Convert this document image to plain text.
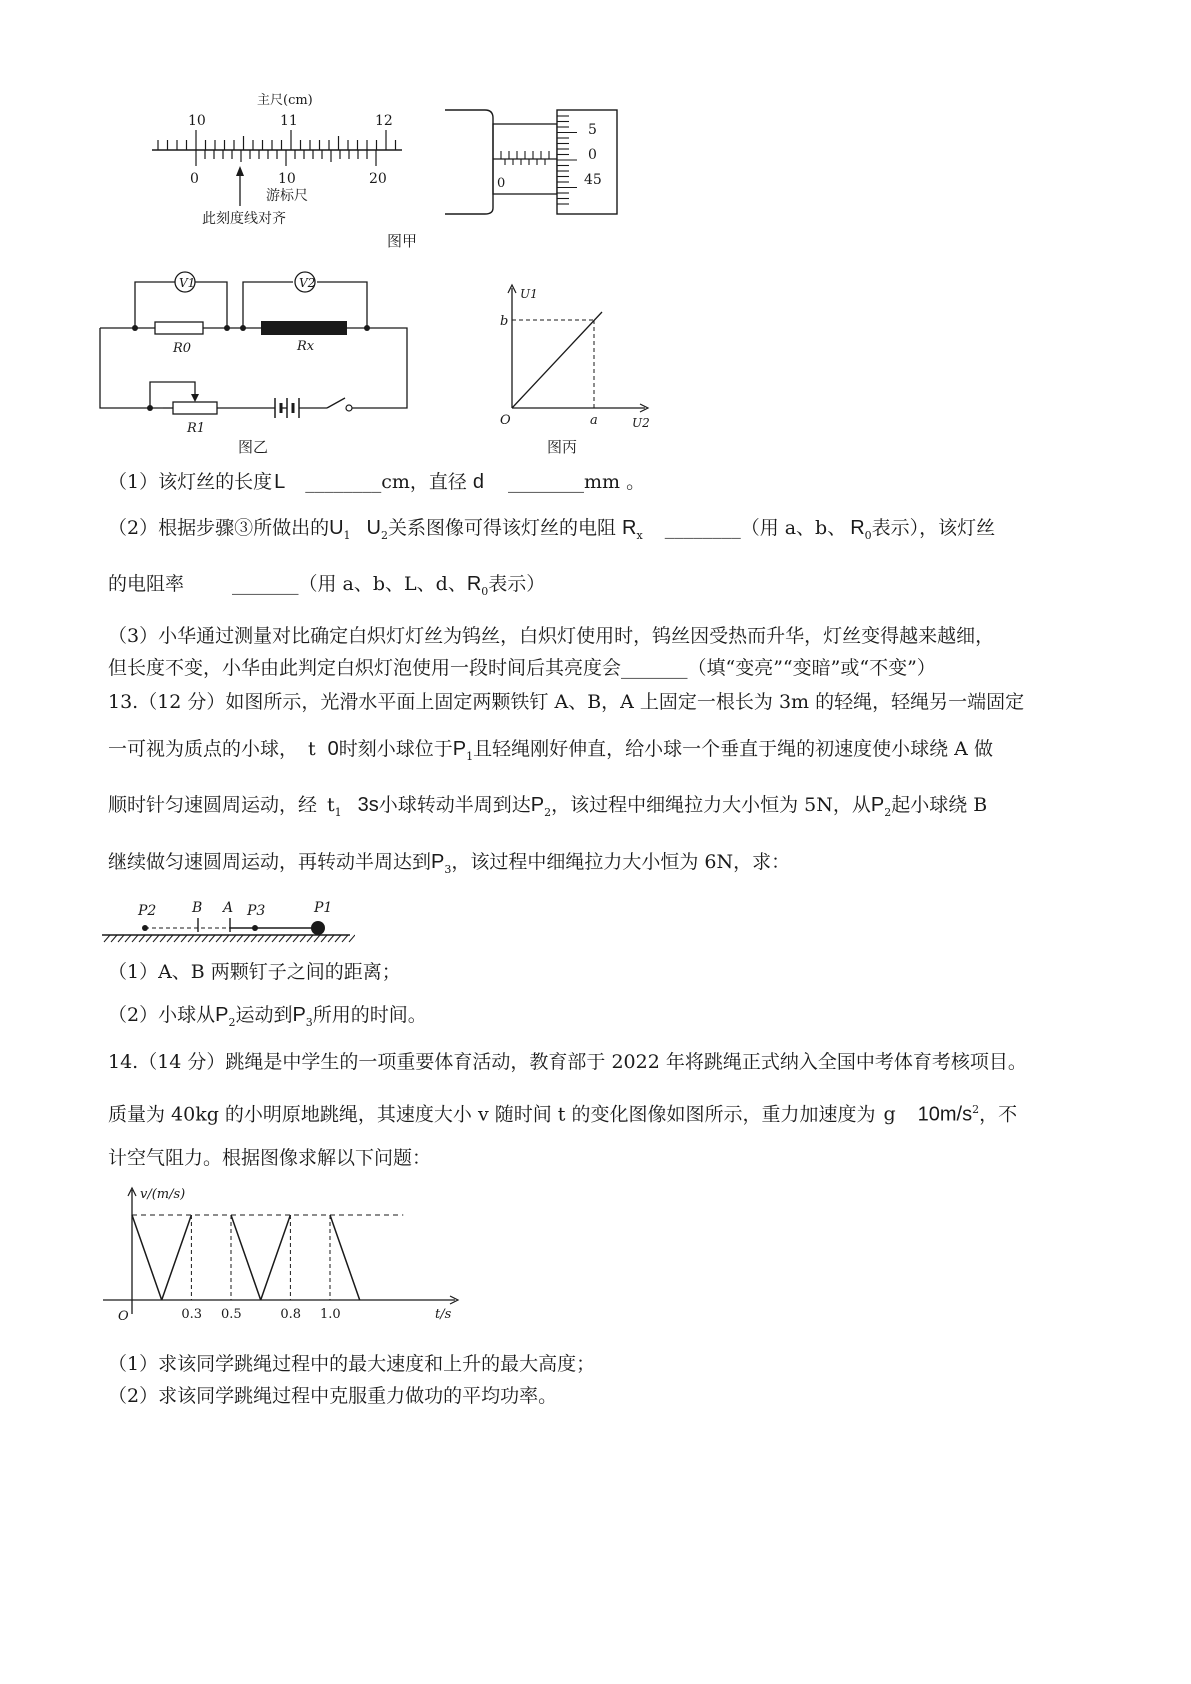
主尺(cm)
10	11	12
0	10	20
游标尺
此刻度线对齐
0
5
0
45
图甲
V1	V2
R0	Rx
R1
图乙
U1
U2
b
a
O
图丙
（1）该灯丝的长度 L ________cm，直径 d ________mm 。
（2）根据步骤③所做出的$U_1$ $U_2$关系图像可得该灯丝的电阻 $R_x$ ________（用 a、b、 $R_0$表示），该灯丝
的电阻率	_______（用 a、b、L、d、$R_0$表示）
（3）小华通过测量对比确定白炽灯灯丝为钨丝，白炽灯使用时，钨丝因受热而升华，灯丝变得越来越细，
但长度不变，小华由此判定白炽灯泡使用一段时间后其亮度会_______（填“变亮”“变暗”或“不变”）
13.（12 分）如图所示，光滑水平面上固定两颗铁钉 A、B，A 上固定一根长为 3m 的轻绳，轻绳另一端固定
一可视为质点的小球， t 0时刻小球位于$P_1$且轻绳刚好伸直，给小球一个垂直于绳的初速度使小球绕 A 做
顺时针匀速圆周运动，经 $t_1$ 3s小球转动半周到达$P_2$，该过程中细绳拉力大小恒为 5N，从$P_2$起小球绕 B
继续做匀速圆周运动，再转动半周达到$P_3$，该过程中细绳拉力大小恒为 6N，求：
P2	B A P3	P1
（1）A、B 两颗钉子之间的距离；
（2）小球从$P_2$运动到$P_3$所用的时间。
14.（14 分）跳绳是中学生的一项重要体育活动，教育部于 2022 年将跳绳正式纳入全国中考体育考核项目。
质量为 40kg 的小明原地跳绳，其速度大小 v 随时间 t 的变化图像如图所示，重力加速度为 g $10m/s^2$，不
计空气阻力。根据图像求解以下问题：
v/(m/s)
t/s
O	0.3 0.5	0.8 1.0
（1）求该同学跳绳过程中的最大速度和上升的最大高度；
（2）求该同学跳绳过程中克服重力做功的平均功率。
